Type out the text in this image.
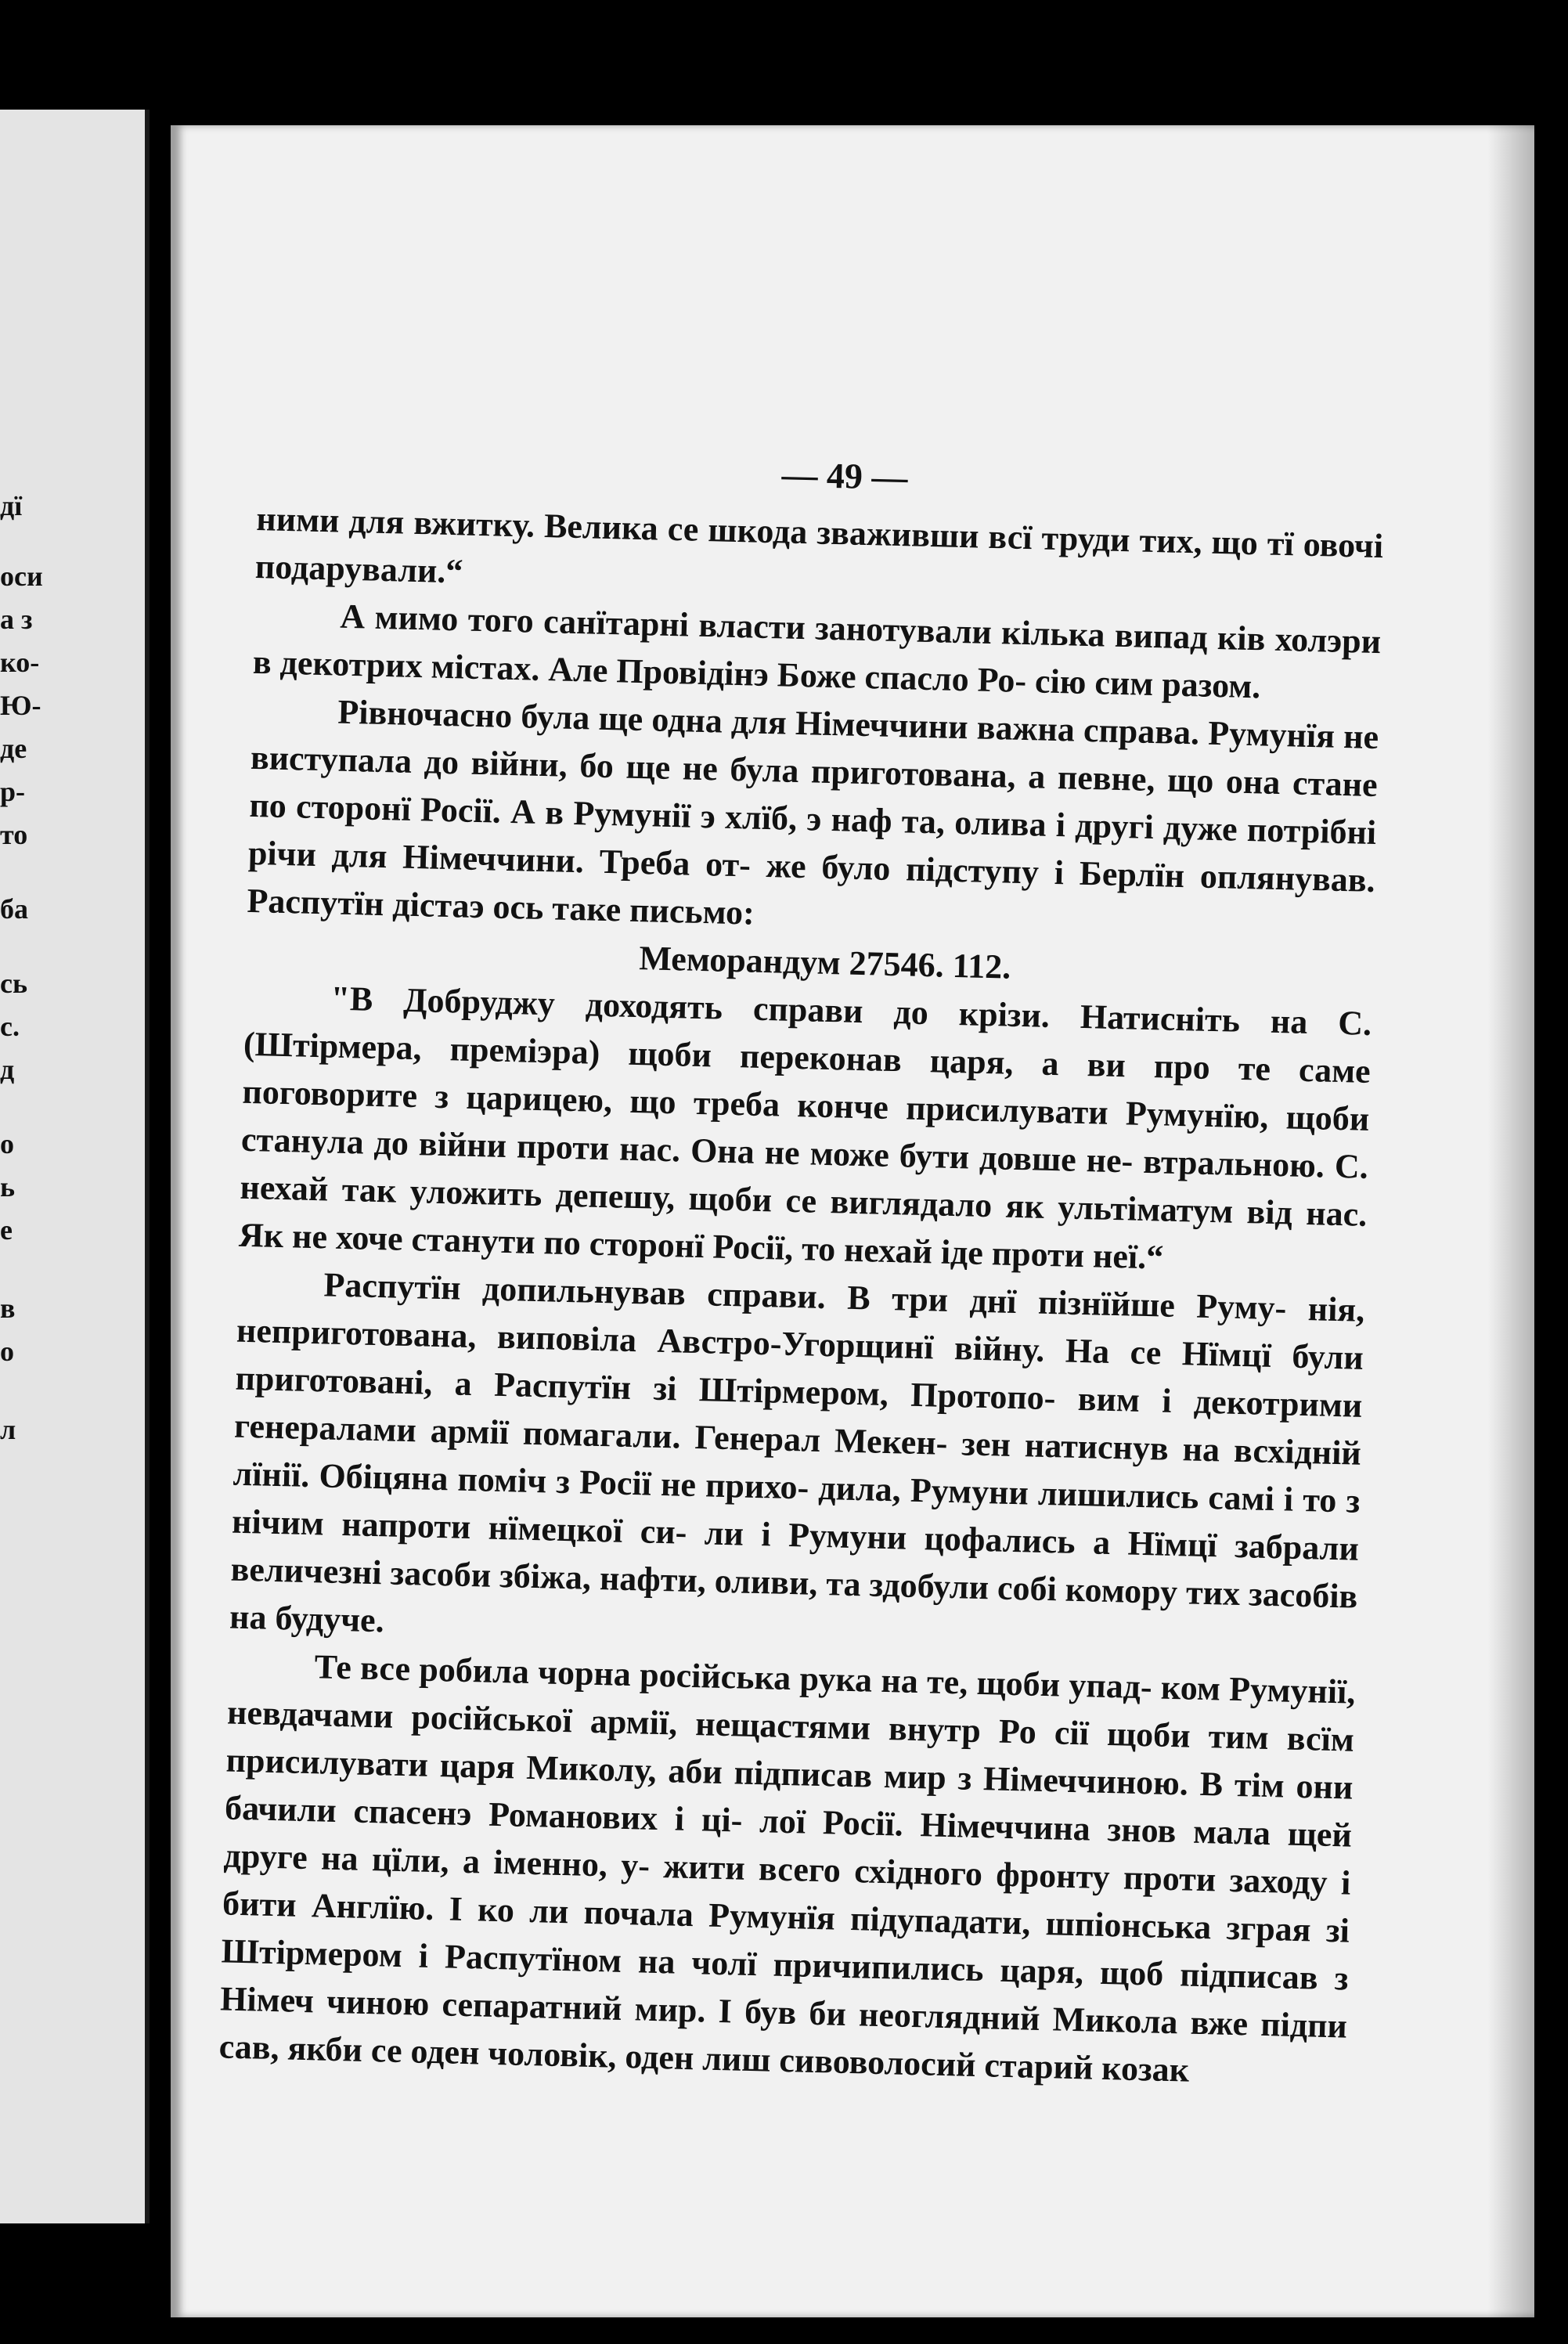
дї
оси
а з
ко-
Ю-
де
р-
то
ба
сь
с.
д
о
ь
е
в
о
л
— 49 —

ними для вжитку. Велика се шкода зваживши всї труди тих, що тї овочі подарували.“

А мимо того санїтарні власти занотували кілька випад ків холэри в декотрих містах. Але Провідінэ Боже спасло Ро- сію сим разом.

Рівночасно була ще одна для Німеччини важна справа. Румунїя не виступала до війни, бо ще не була приготована, а певне, що она стане по сторонї Росії. А в Румунії э хлїб, э наф та, олива і другі дуже потрібні річи для Німеччини. Треба от- же було підступу і Берлїн оплянував. Распутїн дістаэ ось таке письмо:

Меморандум 27546. 112.

"В Добруджу доходять справи до крізи. Натисніть на С. (Штірмера, преміэра) щоби переконав царя, а ви про те саме поговорите з царицею, що треба конче присилувати Румунїю, щоби станула до війни проти нас. Она не може бути довше не- втральною. С. нехай так уложить депешу, щоби се виглядало як ультіматум від нас. Як не хоче станути по сторонї Росії, то нехай іде проти неї.“

Распутїн допильнував справи. В три днї пізнїйше Руму- нія, неприготована, виповіла Австро-Угорщинї війну. На се Нїмцї були приготовані, а Распутїн зі Штірмером, Протопо- вим і декотрими генералами армії помагали. Генерал Мекен- зен натиснув на всхідній лїнії. Обіцяна поміч з Росії не прихо- дила, Румуни лишились самі і то з нічим напроти нїмецкої си- ли і Румуни цофались а Нїмцї забрали величезні засоби збіжа, нафти, оливи, та здобули собі комору тих засобів на будуче.

Те все робила чорна російська рука на те, щоби упад- ком Румунії, невдачами російської армії, нещастями внутр Ро сії щоби тим всїм присилувати царя Миколу, аби підписав мир з Німеччиною. В тім они бачили спасенэ Романових і ці- лої Росії. Німеччина знов мала щей друге на цїли, а іменно, у- жити всего східного фронту проти заходу і бити Англїю. І ко ли почала Румунїя підупадати, шпіонська зграя зі Штірмером і Распутїном на чолї причипились царя, щоб підписав з Німеч чиною сепаратний мир. І був би неоглядний Микола вже підпи сав, якби се оден чоловік, оден лиш сивоволосий старий козак
